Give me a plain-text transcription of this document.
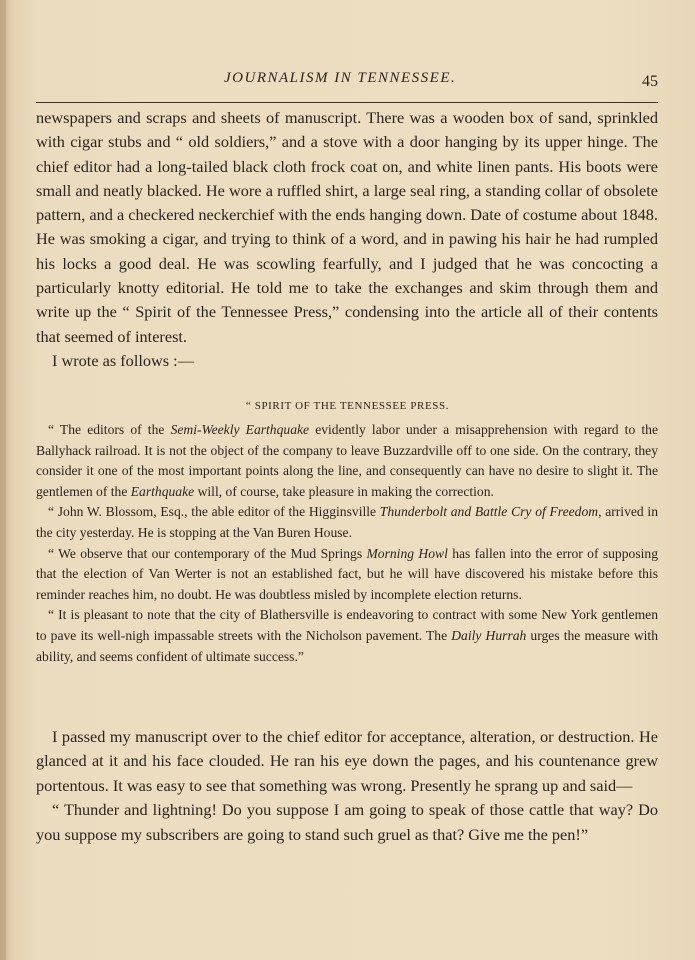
JOURNALISM IN TENNESSEE.	45

newspapers and scraps and sheets of manuscript. There was a wooden box of sand, sprinkled with cigar stubs and “ old soldiers,” and a stove with a door hanging by its upper hinge. The chief editor had a long-tailed black cloth frock coat on, and white linen pants. His boots were small and neatly blacked. He wore a ruffled shirt, a large seal ring, a standing collar of obsolete pattern, and a checkered neckerchief with the ends hanging down. Date of costume about 1848. He was smoking a cigar, and trying to think of a word, and in pawing his hair he had rumpled his locks a good deal. He was scowling fearfully, and I judged that he was concocting a particularly knotty editorial. He told me to take the exchanges and skim through them and write up the “ Spirit of the Tennessee Press,” condensing into the article all of their contents that seemed of interest.

I wrote as follows :—

“ SPIRIT OF THE TENNESSEE PRESS.

“ The editors of the Semi-Weekly Earthquake evidently labor under a misapprehension with regard to the Ballyhack railroad. It is not the object of the company to leave Buzzardville off to one side. On the contrary, they consider it one of the most important points along the line, and consequently can have no desire to slight it. The gentlemen of the Earthquake will, of course, take pleasure in making the correction.

“ John W. Blossom, Esq., the able editor of the Higginsville Thunderbolt and Battle Cry of Freedom, arrived in the city yesterday. He is stopping at the Van Buren House.

“ We observe that our contemporary of the Mud Springs Morning Howl has fallen into the error of supposing that the election of Van Werter is not an established fact, but he will have discovered his mistake before this reminder reaches him, no doubt. He was doubtless misled by incomplete election returns.

“ It is pleasant to note that the city of Blathersville is endeavoring to contract with some New York gentlemen to pave its well-nigh impassable streets with the Nicholson pavement. The Daily Hurrah urges the measure with ability, and seems confident of ultimate success.”

I passed my manuscript over to the chief editor for acceptance, alteration, or destruction. He glanced at it and his face clouded. He ran his eye down the pages, and his countenance grew portentous. It was easy to see that something was wrong. Presently he sprang up and said—

“ Thunder and lightning! Do you suppose I am going to speak of those cattle that way? Do you suppose my subscribers are going to stand such gruel as that? Give me the pen!”
